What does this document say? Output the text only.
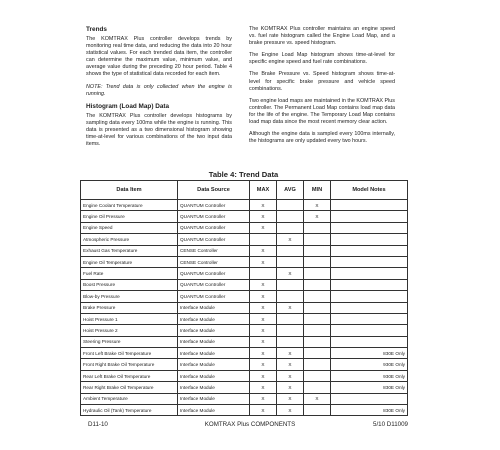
Trends

The KOMTRAX Plus controller develops trends by monitoring real time data, and reducing the data into 20 hour statistical values. For each trended data item, the controller can determine the maximum value, minimum value, and average value during the preceding 20 hour period. Table 4 shows the type of statistical data recorded for each item.

NOTE: Trend data is only collected when the engine is running.

Histogram (Load Map) Data

The KOMTRAX Plus controller develops histograms by sampling data every 100ms while the engine is running. This data is presented as a two dimensional histogram showing time-at-level for various combinations of the two input data items.

The KOMTRAX Plus controller maintains an engine speed vs. fuel rate histogram called the Engine Load Map, and a brake pressure vs. speed histogram.

The Engine Load Map histogram shows time-at-level for specific engine speed and fuel rate combinations.

The Brake Pressure vs. Speed histogram shows time-at-level for specific brake pressure and vehicle speed combinations.

Two engine load maps are maintained in the KOMTRAX Plus controller. The Permanent Load Map contains load map data for the life of the engine. The Temporary Load Map contains load map data since the most recent memory clear action.

Although the engine data is sampled every 100ms internally, the histograms are only updated every two hours.

Table 4: Trend Data
Data Item	Data Source	MAX	AVG	MIN	Model Notes
Engine Coolant Temperature	QUANTUM Controller	X		X	
Engine Oil Pressure	QUANTUM Controller	X		X	
Engine Speed	QUANTUM Controller	X			
Atmospheric Pressure	QUANTUM Controller		X		
Exhaust Gas Temperature	CENSE Controller	X			
Engine Oil Temperature	CENSE Controller	X			
Fuel Rate	QUANTUM Controller		X		
Boost Pressure	QUANTUM Controller	X			
Blow-by Pressure	QUANTUM Controller	X			
Brake Pressure	Interface Module	X	X		
Hoist Pressure 1	Interface Module	X			
Hoist Pressure 2	Interface Module	X			
Steering Pressure	Interface Module	X			
Front Left Brake Oil Temperature	Interface Module	X	X		830E Only
Front Right Brake Oil Temperature	Interface Module	X	X		930E Only
Rear Left Brake Oil Temperature	Interface Module	X	X		930E Only
Rear Right Brake Oil Temperature	Interface Module	X	X		830E Only
Ambient Temperature	Interface Module	X	X	X	
Hydraulic Oil (Tank) Temperature	Interface Module	X	X		830E Only
D11-10	KOMTRAX Plus COMPONENTS	5/10 D11009
